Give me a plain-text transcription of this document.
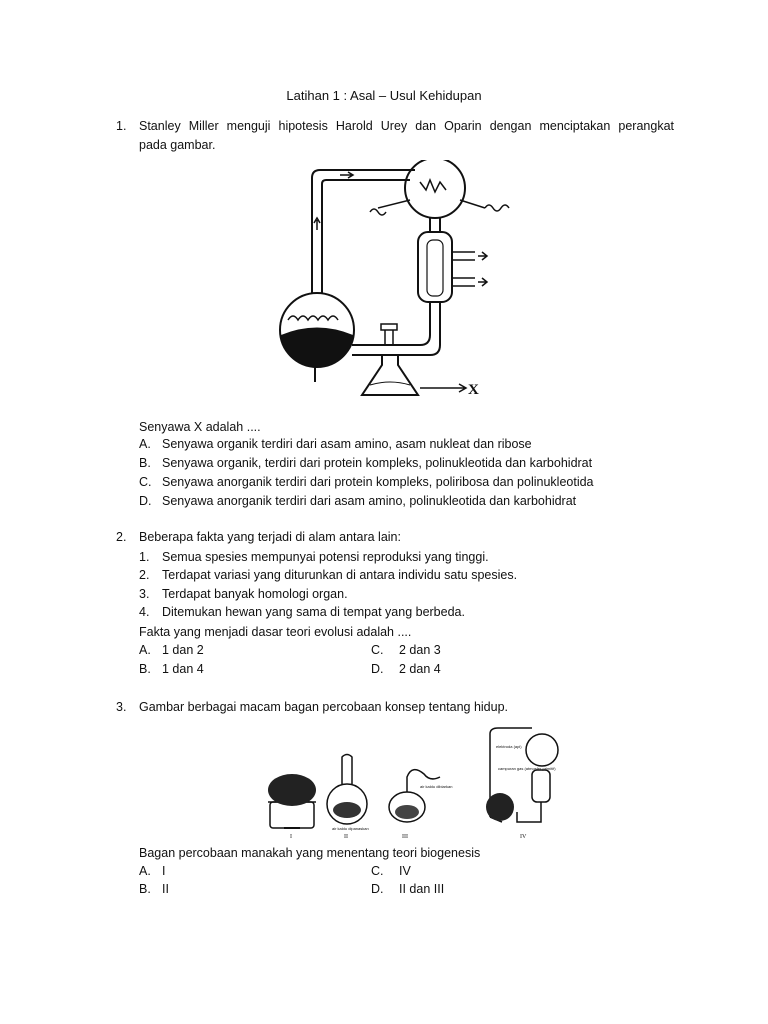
Latihan 1 : Asal – Usul Kehidupan
1. Stanley Miller menguji hipotesis Harold Urey dan Oparin dengan menciptakan perangkat
pada gambar.
X
Senyawa X adalah ....
A. Senyawa organik terdiri dari asam amino, asam nukleat dan ribose
B. Senyawa organik, terdiri dari protein kompleks, polinukleotida dan karbohidrat
C. Senyawa anorganik terdiri dari protein kompleks, poliribosa dan polinukleotida
D. Senyawa anorganik terdiri dari asam amino, polinukleotida dan karbohidrat
2. Beberapa fakta yang terjadi di alam antara lain:
1. Semua spesies mempunyai potensi reproduksi yang tinggi.
2. Terdapat variasi yang diturunkan di antara individu satu spesies.
3. Terdapat banyak homologi organ.
4. Ditemukan hewan yang sama di tempat yang berbeda.
Fakta yang menjadi dasar teori evolusi adalah ....
A. 1 dan 2
B. 1 dan 4
C. 2 dan 3
D. 2 dan 4
3. Gambar berbagai macam bagan percobaan konsep tentang hidup.
air kaldu dipanaskan
air kaldu dibiarkan
elektroda (api)
campuran gas (atmosfer primitif)
I	II	III	IV
Bagan percobaan manakah yang menentang teori biogenesis
A. I
B. II
C. IV
D. II dan III
